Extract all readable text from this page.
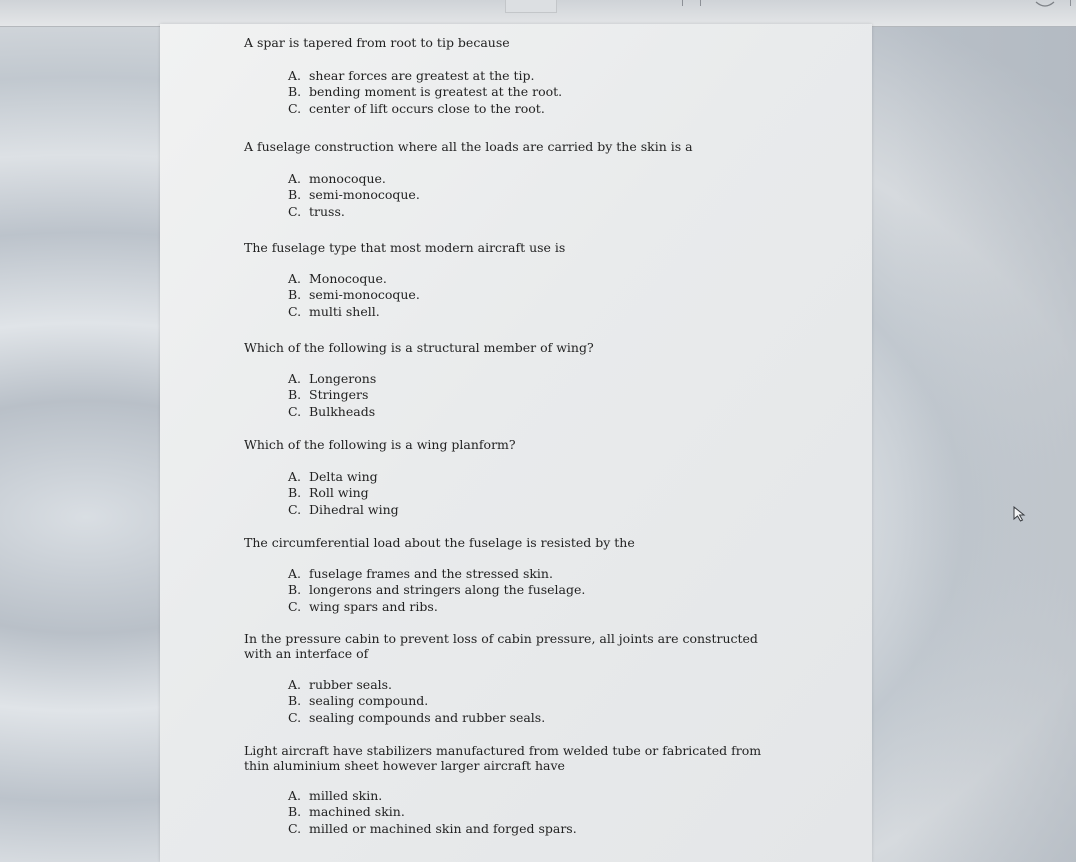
A spar is tapered from root to tip because
A. shear forces are greatest at the tip.
B. bending moment is greatest at the root.
C. center of lift occurs close to the root.
A fuselage construction where all the loads are carried by the skin is a
A. monocoque.
B. semi-monocoque.
C. truss.
The fuselage type that most modern aircraft use is
A. Monocoque.
B. semi-monocoque.
C. multi shell.
Which of the following is a structural member of wing?
A. Longerons
B. Stringers
C. Bulkheads
Which of the following is a wing planform?
A. Delta wing
B. Roll wing
C. Dihedral wing
The circumferential load about the fuselage is resisted by the
A. fuselage frames and the stressed skin.
B. longerons and stringers along the fuselage.
C. wing spars and ribs.
In the pressure cabin to prevent loss of cabin pressure, all joints are constructed with an interface of
A. rubber seals.
B. sealing compound.
C. sealing compounds and rubber seals.
Light aircraft have stabilizers manufactured from welded tube or fabricated from thin aluminium sheet however larger aircraft have
A. milled skin.
B. machined skin.
C. milled or machined skin and forged spars.
